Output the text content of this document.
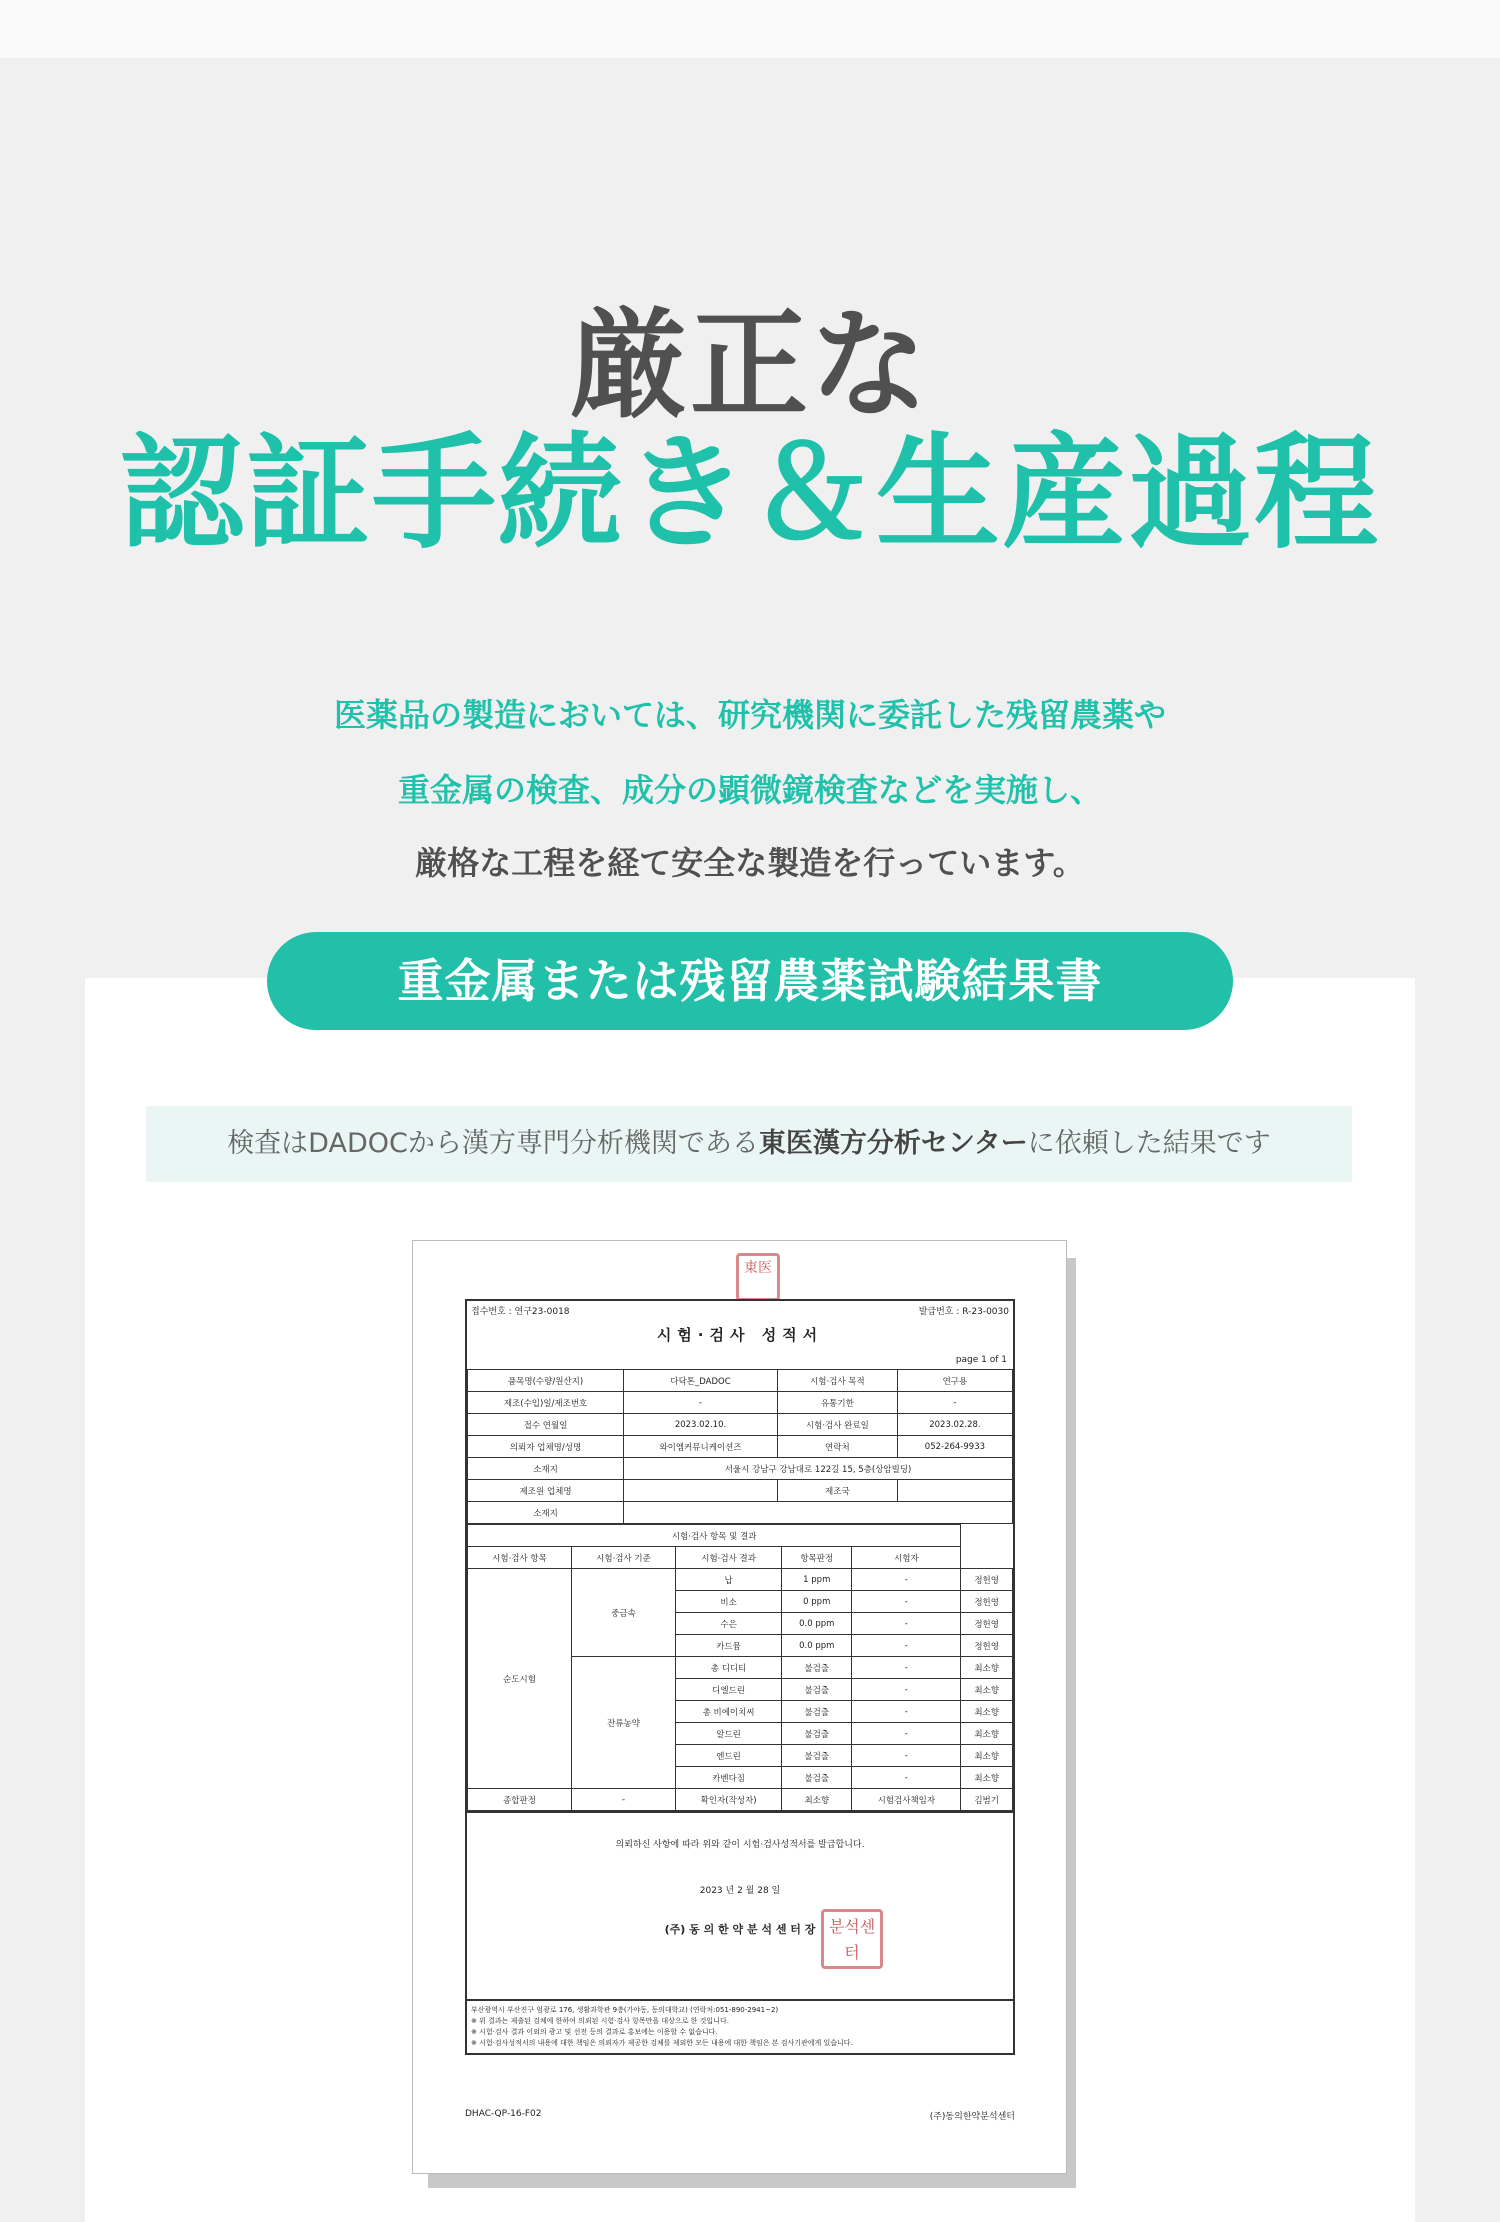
厳正な
認証手続き＆生産過程
医薬品の製造においては、研究機関に委託した残留農薬や
重金属の検査、成分の顕微鏡検査などを実施し、
厳格な工程を経て安全な製造を行っています。
重金属または残留農薬試験結果書
検査はDADOCから漢方専門分析機関である東医漢方分析センターに依頼した結果です
東医
접수번호 : 연구23-0018	발급번호 : R-23-0030
시험·검사 성적서
page 1 of 1
품목명(수량/원산지)	다닥톤_DADOC	시험·검사 목적	연구용
제조(수입)일/제조번호	-	유통기한	-
접수 연월일	2023.02.10.	시험·검사 완료일	2023.02.28.
의뢰자 업체명/성명	와이엠커뮤니케이션즈	연락처	052-264-9933
소재지	서울시 강남구 강남대로 122길 15, 5층(상암빌딩)		
제조원 업체명		제조국	
소재지			
시험·검사 항목 및 결과					
시험·검사 항목	시험·검사 기준	시험·검사 결과	항목판정	시험자	
순도시험	중금속	납	1 ppm	-	정헌영
		비소	0 ppm	-	정헌영
		수은	0.0 ppm	-	정헌영
		카드뮴	0.0 ppm	-	정헌영
	잔류농약	총 디디티	불검출	-	최소향
		디엘드린	불검출	-	최소향
		총 비에이치씨	불검출	-	최소향
		알드린	불검출	-	최소향
		엔드린	불검출	-	최소향
		카벤다짐	불검출	-	최소향
종합판정	-	확인자(작성자)	최소향	시험검사책임자	김범기

의뢰하신 사항에 따라 위와 같이 시험·검사성적서를 발급합니다.

2023 년 2 월 28 일

(주) 동 의 한 약 분 석 센 터 장

부산광역시 부산진구 엄광로 176, 생활과학관 9층(가야동, 동의대학교) (연락처:051-890-2941~2)
※ 위 결과는 제출된 검체에 한하여 의뢰된 시험·검사 항목만을 대상으로 한 것입니다.
※ 시험·검사 결과 이외의 광고 및 선전 등의 결과로 홍보에는 이용할 수 없습니다.
※ 시험·검사성적서의 내용에 대한 책임은 의뢰자가 제공한 검체를 제외한 모든 내용에 대한 책임은 본 검사기관에게 있습니다.
분석센터
DHAC-QP-16-F02	(주)동의한약분석센터
